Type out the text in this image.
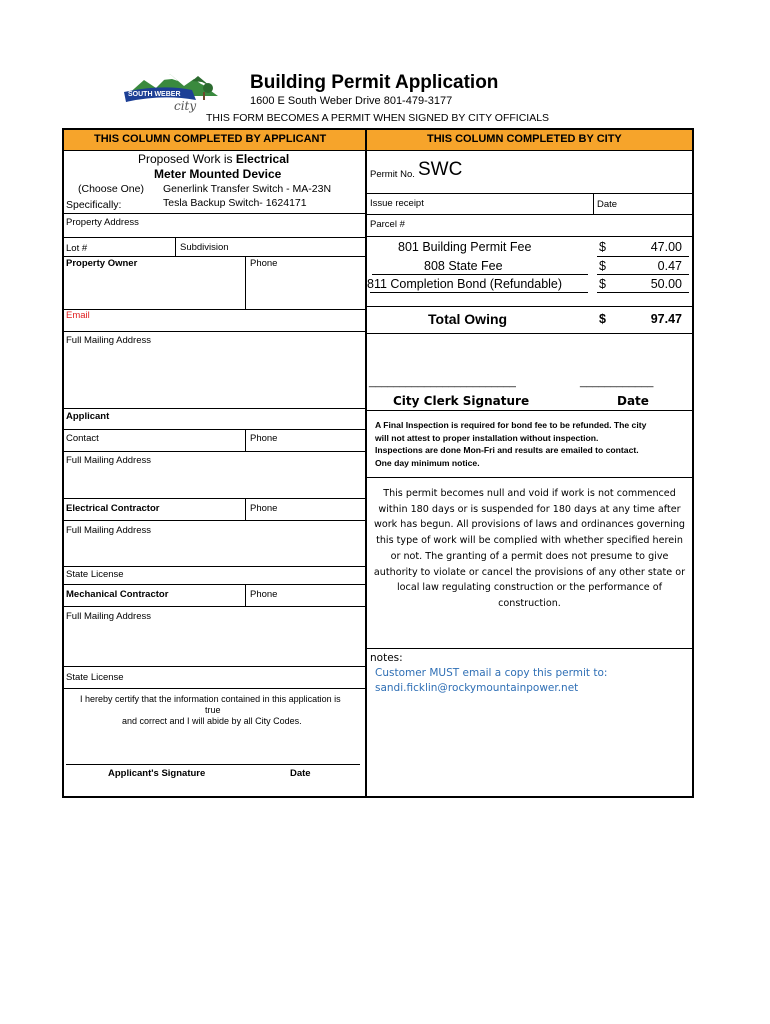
SOUTH WEBER
city
Building Permit Application
1600 E South Weber Drive 801-479-3177
THIS FORM BECOMES A PERMIT WHEN SIGNED BY CITY OFFICIALS
THIS COLUMN COMPLETED BY APPLICANT	THIS COLUMN COMPLETED BY CITY
Proposed Work is Electrical
Meter Mounted Device
(Choose One)
Specifically:
Generlink Transfer Switch - MA-23N
Tesla Backup Switch- 1624171
Property Address
Lot #	Subdivision
Property Owner	Phone
Email
Full Mailing Address
Applicant
Contact	Phone
Full Mailing Address
Electrical Contractor	Phone
Full Mailing Address
State License
Mechanical Contractor	Phone
Full Mailing Address
State License
I hereby certify that the information contained in this application is
true
and correct and I will abide by all City Codes.
Applicant's Signature	Date
Permit No. SWC
Issue receipt	Date
Parcel #
801 Building Permit Fee	$	47.00
808 State Fee	$	0.47
811 Completion Bond (Refundable)	$	50.00
Total Owing	$	97.47
________________________	____________
City Clerk Signature	Date
A Final Inspection is required for bond fee to be refunded. The city
will not attest to proper installation without inspection.
Inspections are done Mon-Fri and results are emailed to contact.
One day minimum notice.
This permit becomes null and void if work is not commenced
within 180 days or is suspended for 180 days at any time after
work has begun. All provisions of laws and ordinances governing
this type of work will be complied with whether specified herein
or not. The granting of a permit does not presume to give
authority to violate or cancel the provisions of any other state or
local law regulating construction or the performance of
construction.
notes:
Customer MUST email a copy this permit to:
sandi.ficklin@rockymountainpower.net
